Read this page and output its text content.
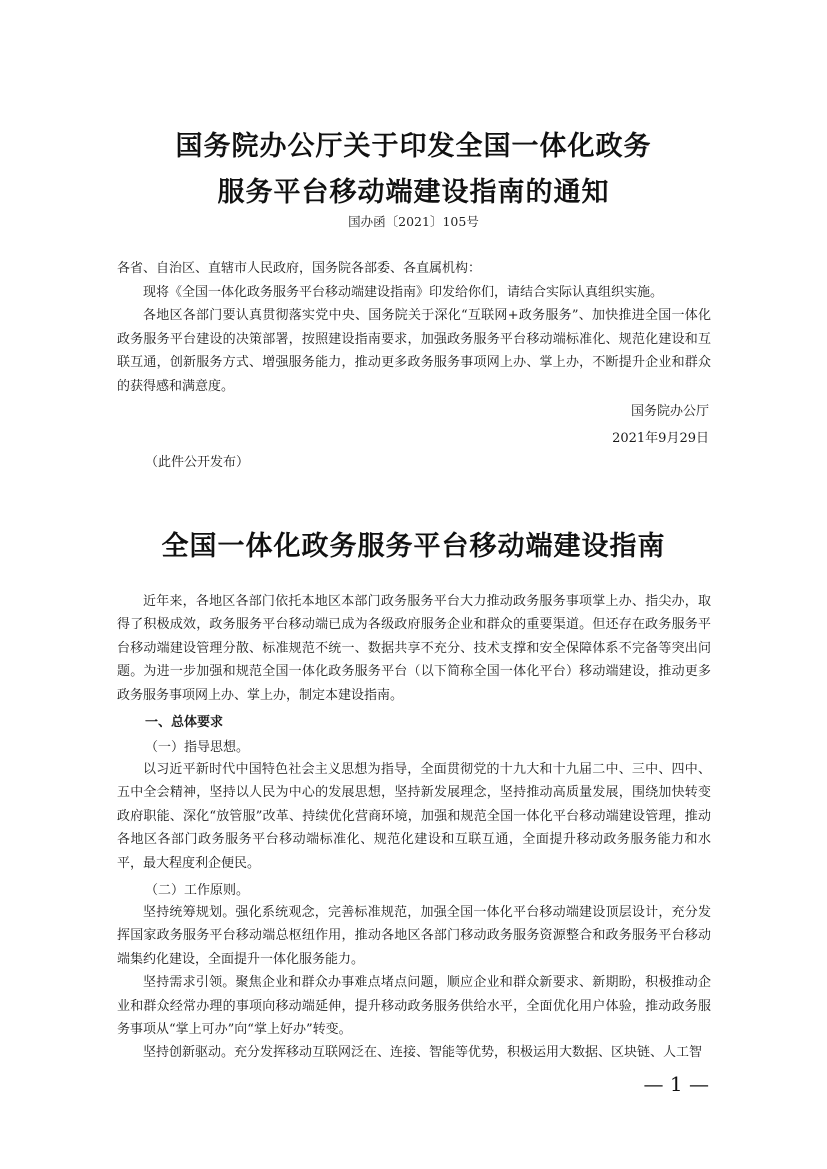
国务院办公厅关于印发全国一体化政务
服务平台移动端建设指南的通知
国办函〔2021〕105号
各省、自治区、直辖市人民政府，国务院各部委、各直属机构：

现将《全国一体化政务服务平台移动端建设指南》印发给你们，请结合实际认真组织实施。

各地区各部门要认真贯彻落实党中央、国务院关于深化“互联网+政务服务”、加快推进全国一体化政务服务平台建设的决策部署，按照建设指南要求，加强政务服务平台移动端标准化、规范化建设和互联互通，创新服务方式、增强服务能力，推动更多政务服务事项网上办、掌上办，不断提升企业和群众的获得感和满意度。

国务院办公厅
2021年9月29日
（此件公开发布）
全国一体化政务服务平台移动端建设指南

近年来，各地区各部门依托本地区本部门政务服务平台大力推动政务服务事项掌上办、指尖办，取得了积极成效，政务服务平台移动端已成为各级政府服务企业和群众的重要渠道。但还存在政务服务平台移动端建设管理分散、标准规范不统一、数据共享不充分、技术支撑和安全保障体系不完备等突出问题。为进一步加强和规范全国一体化政务服务平台（以下简称全国一体化平台）移动端建设，推动更多政务服务事项网上办、掌上办，制定本建设指南。

一、总体要求
（一）指导思想。

以习近平新时代中国特色社会主义思想为指导，全面贯彻党的十九大和十九届二中、三中、四中、五中全会精神，坚持以人民为中心的发展思想，坚持新发展理念，坚持推动高质量发展，围绕加快转变政府职能、深化“放管服”改革、持续优化营商环境，加强和规范全国一体化平台移动端建设管理，推动各地区各部门政务服务平台移动端标准化、规范化建设和互联互通，全面提升移动政务服务能力和水平，最大程度利企便民。

（二）工作原则。

坚持统筹规划。强化系统观念，完善标准规范，加强全国一体化平台移动端建设顶层设计，充分发挥国家政务服务平台移动端总枢纽作用，推动各地区各部门移动政务服务资源整合和政务服务平台移动端集约化建设，全面提升一体化服务能力。

坚持需求引领。聚焦企业和群众办事难点堵点问题，顺应企业和群众新要求、新期盼，积极推动企业和群众经常办理的事项向移动端延伸，提升移动政务服务供给水平，全面优化用户体验，推动政务服务事项从“掌上可办”向“掌上好办”转变。

坚持创新驱动。充分发挥移动互联网泛在、连接、智能等优势，积极运用大数据、区块链、人工智

— 1 —
